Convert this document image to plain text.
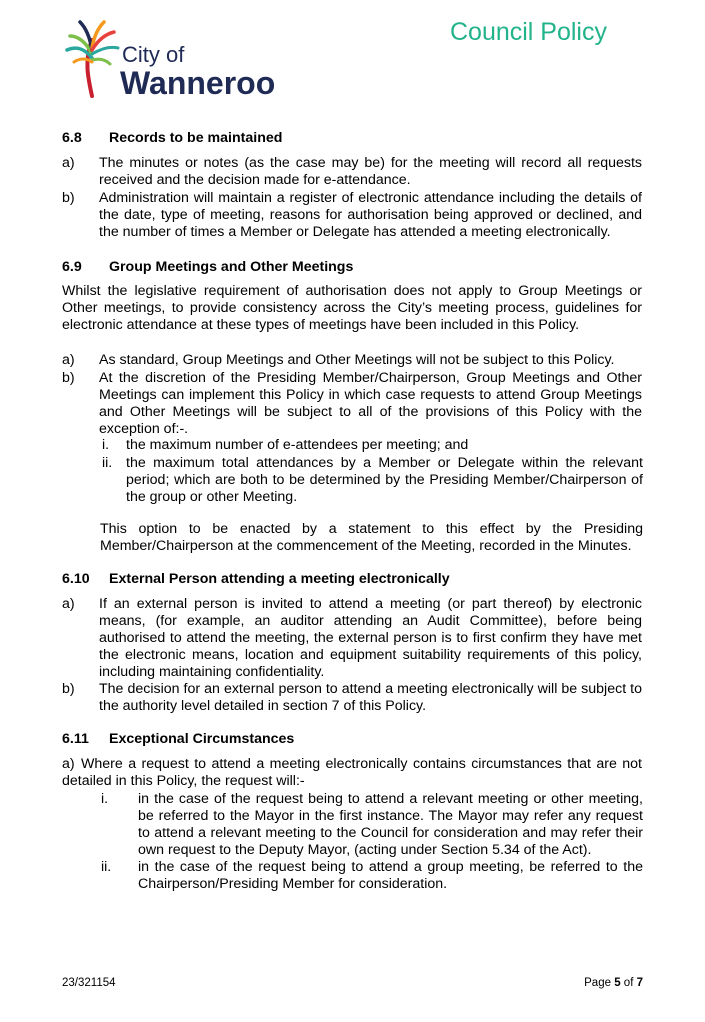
City of
Wanneroo
Council Policy
6.8 Records to be maintained
a) The minutes or notes (as the case may be) for the meeting will record all requests received and the decision made for e-attendance.
b) Administration will maintain a register of electronic attendance including the details of the date, type of meeting, reasons for authorisation being approved or declined, and the number of times a Member or Delegate has attended a meeting electronically.
6.9 Group Meetings and Other Meetings
Whilst the legislative requirement of authorisation does not apply to Group Meetings or Other meetings, to provide consistency across the City’s meeting process, guidelines for electronic attendance at these types of meetings have been included in this Policy.
a) As standard, Group Meetings and Other Meetings will not be subject to this Policy.
b) At the discretion of the Presiding Member/Chairperson, Group Meetings and Other Meetings can implement this Policy in which case requests to attend Group Meetings and Other Meetings will be subject to all of the provisions of this Policy with the exception of:-.
i. the maximum number of e-attendees per meeting; and
ii. the maximum total attendances by a Member or Delegate within the relevant period; which are both to be determined by the Presiding Member/Chairperson of the group or other Meeting.
This option to be enacted by a statement to this effect by the Presiding Member/Chairperson at the commencement of the Meeting, recorded in the Minutes.
6.10 External Person attending a meeting electronically
a) If an external person is invited to attend a meeting (or part thereof) by electronic means, (for example, an auditor attending an Audit Committee), before being authorised to attend the meeting, the external person is to first confirm they have met the electronic means, location and equipment suitability requirements of this policy, including maintaining confidentiality.
b) The decision for an external person to attend a meeting electronically will be subject to the authority level detailed in section 7 of this Policy.
6.11 Exceptional Circumstances
a) Where a request to attend a meeting electronically contains circumstances that are not detailed in this Policy, the request will:-
i. in the case of the request being to attend a relevant meeting or other meeting, be referred to the Mayor in the first instance. The Mayor may refer any request to attend a relevant meeting to the Council for consideration and may refer their own request to the Deputy Mayor, (acting under Section 5.34 of the Act).
ii. in the case of the request being to attend a group meeting, be referred to the Chairperson/Presiding Member for consideration.
23/321154	Page 5 of 7
